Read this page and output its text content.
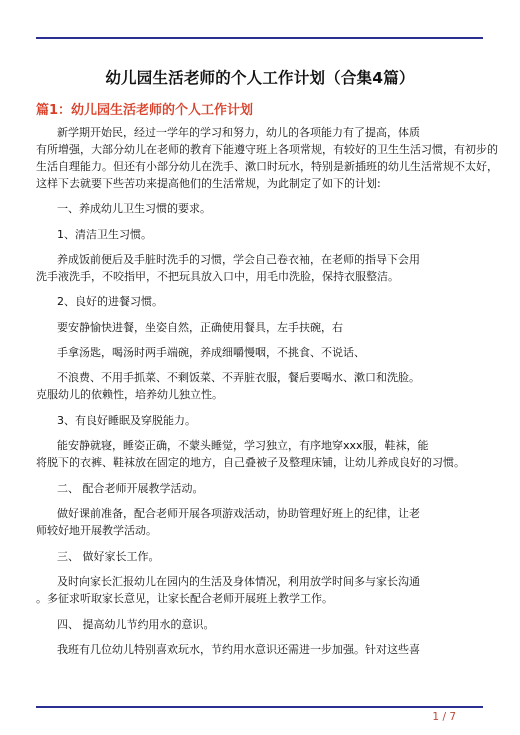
幼儿园生活老师的个人工作计划（合集4篇）
篇1：幼儿园生活老师的个人工作计划
新学期开始民，经过一学年的学习和努力，幼儿的各项能力有了提高，体质
有所增强，大部分幼儿在老师的教育下能遵守班上各项常规，有较好的卫生生活习惯，有初步的
生活自理能力。但还有小部分幼儿在洗手、漱口时玩水，特别是新插班的幼儿生活常规不太好，
这样下去就要下些苦功来提高他们的生活常规，为此制定了如下的计划:
一、养成幼儿卫生习惯的要求。
1、清洁卫生习惯。
养成饭前便后及手脏时洗手的习惯，学会自己卷衣袖，在老师的指导下会用
洗手液洗手，不咬指甲，不把玩具放入口中，用毛巾洗脸，保持衣服整洁。
2、良好的进餐习惯。
要安静愉快进餐，坐姿自然，正确使用餐具，左手扶碗，右
手拿汤匙，喝汤时两手端碗，养成细嚼慢咽，不挑食、不说话、
不浪费、不用手抓菜、不剩饭菜、不弄脏衣服，餐后要喝水、漱口和洗脸。
克服幼儿的依赖性，培养幼儿独立性。
3、有良好睡眠及穿脱能力。
能安静就寝，睡姿正确，不蒙头睡觉，学习独立，有序地穿xxx服，鞋袜，能
将脱下的衣裤、鞋袜放在固定的地方，自己叠被子及整理床铺，让幼儿养成良好的习惯。
二、 配合老师开展教学活动。
做好课前准备，配合老师开展各项游戏活动，协助管理好班上的纪律，让老
师较好地开展教学活动。
三、 做好家长工作。
及时向家长汇报幼儿在园内的生活及身体情况，利用放学时间多与家长沟通
。多征求听取家长意见，让家长配合老师开展班上教学工作。
四、 提高幼儿节约用水的意识。
我班有几位幼儿特别喜欢玩水，节约用水意识还需进一步加强。针对这些喜
1 / 7
